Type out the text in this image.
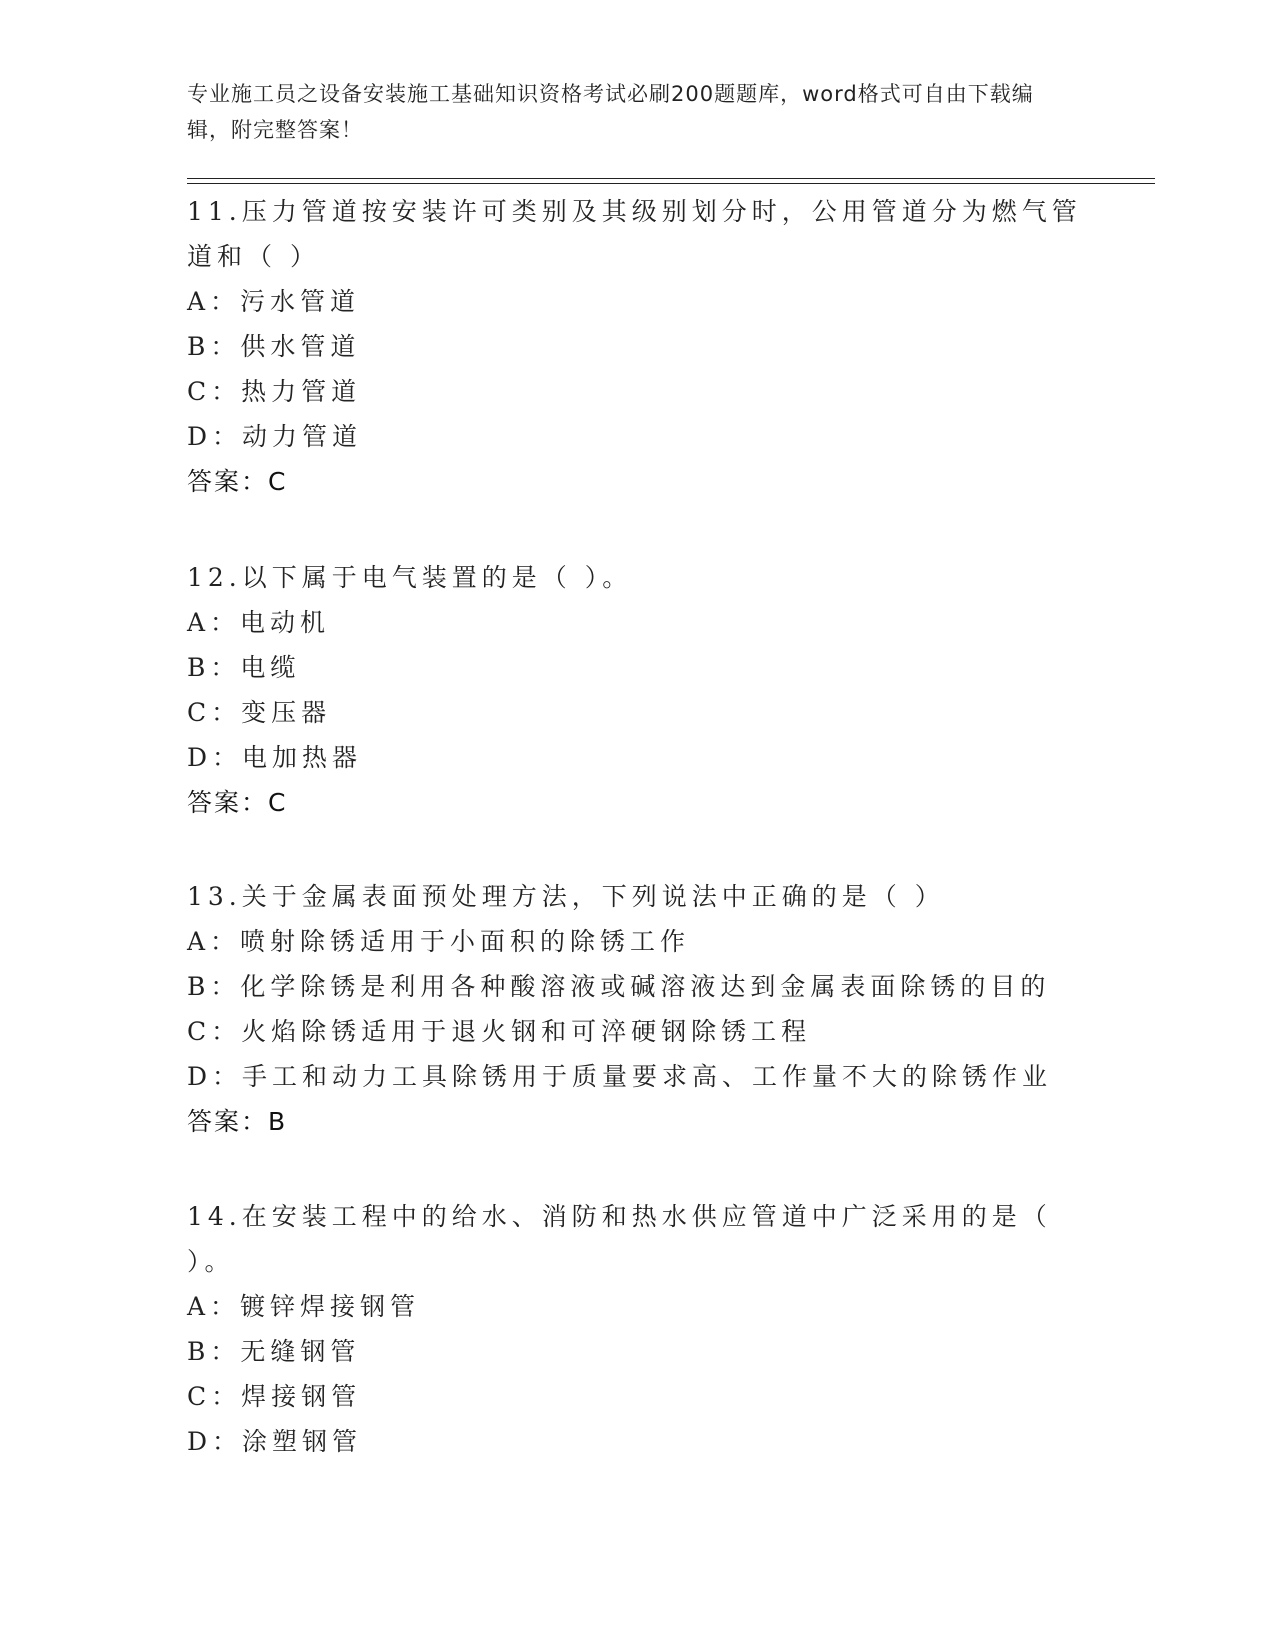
专业施工员之设备安装施工基础知识资格考试必刷200题题库，word格式可自由下载编辑，附完整答案！

11.压力管道按安装许可类别及其级别划分时，公用管道分为燃气管道和（ ）

A：污水管道

B：供水管道

C：热力管道

D：动力管道

答案：C

12.以下属于电气装置的是（ ）。

A：电动机

B：电缆

C：变压器

D：电加热器

答案：C

13.关于金属表面预处理方法，下列说法中正确的是（ ）

A：喷射除锈适用于小面积的除锈工作

B：化学除锈是利用各种酸溶液或碱溶液达到金属表面除锈的目的

C：火焰除锈适用于退火钢和可淬硬钢除锈工程

D：手工和动力工具除锈用于质量要求高、工作量不大的除锈作业

答案：B

14.在安装工程中的给水、消防和热水供应管道中广泛采用的是（ ）。

A：镀锌焊接钢管

B：无缝钢管

C：焊接钢管

D：涂塑钢管
